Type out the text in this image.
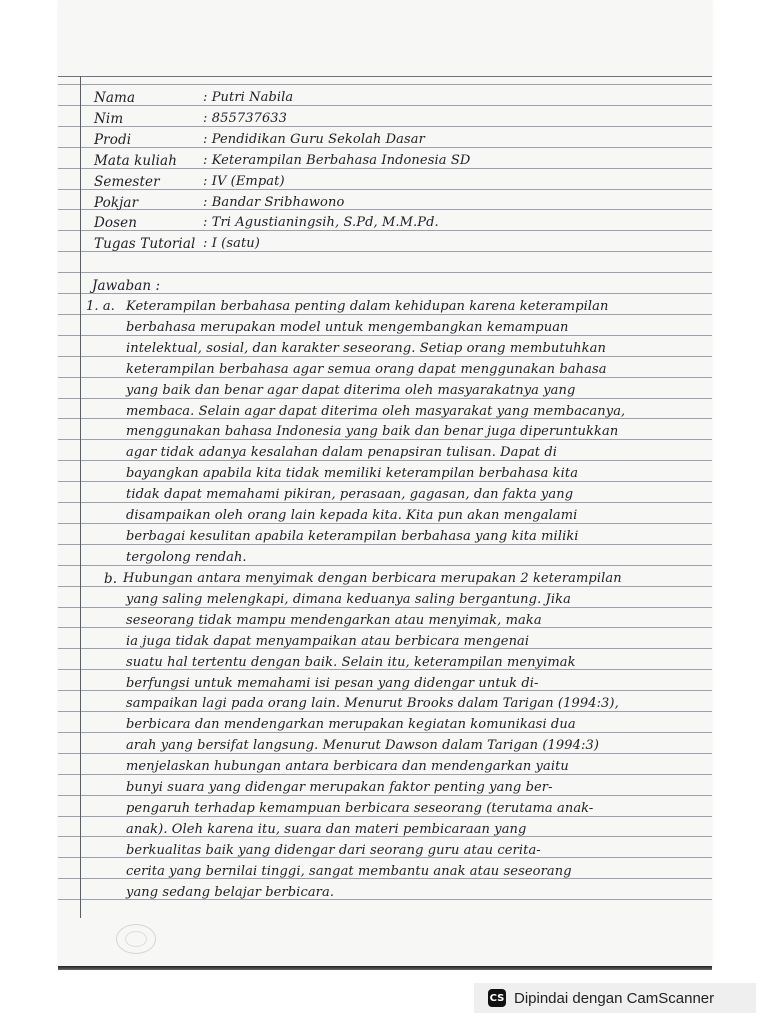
Nama	: Putri Nabila
Nim	: 855737633
Prodi	: Pendidikan Guru Sekolah Dasar
Mata kuliah : Keterampilan Berbahasa Indonesia SD
Semester	: IV (Empat)
Pokjar	: Bandar Sribhawono
Dosen	: Tri Agustianingsih, S.Pd, M.M.Pd.
Tugas Tutorial : I (satu)
Jawaban :
1. a. Keterampilan berbahasa penting dalam kehidupan karena keterampilan
berbahasa merupakan model untuk mengembangkan kemampuan
intelektual, sosial, dan karakter seseorang. Setiap orang membutuhkan
keterampilan berbahasa agar semua orang dapat menggunakan bahasa
yang baik dan benar agar dapat diterima oleh masyarakatnya yang
membaca. Selain agar dapat diterima oleh masyarakat yang membacanya,
menggunakan bahasa Indonesia yang baik dan benar juga diperuntukkan
agar tidak adanya kesalahan dalam penapsiran tulisan. Dapat di
bayangkan apabila kita tidak memiliki keterampilan berbahasa kita
tidak dapat memahami pikiran, perasaan, gagasan, dan fakta yang
disampaikan oleh orang lain kepada kita. Kita pun akan mengalami
berbagai kesulitan apabila keterampilan berbahasa yang kita miliki
tergolong rendah.
b. Hubungan antara menyimak dengan berbicara merupakan 2 keterampilan
yang saling melengkapi, dimana keduanya saling bergantung. Jika
seseorang tidak mampu mendengarkan atau menyimak, maka
ia juga tidak dapat menyampaikan atau berbicara mengenai
suatu hal tertentu dengan baik. Selain itu, keterampilan menyimak
berfungsi untuk memahami isi pesan yang didengar untuk di-
sampaikan lagi pada orang lain. Menurut Brooks dalam Tarigan (1994:3),
berbicara dan mendengarkan merupakan kegiatan komunikasi dua
arah yang bersifat langsung. Menurut Dawson dalam Tarigan (1994:3)
menjelaskan hubungan antara berbicara dan mendengarkan yaitu
bunyi suara yang didengar merupakan faktor penting yang ber-
pengaruh terhadap kemampuan berbicara seseorang (terutama anak-
anak). Oleh karena itu, suara dan materi pembicaraan yang
berkualitas baik yang didengar dari seorang guru atau cerita-
cerita yang bernilai tinggi, sangat membantu anak atau seseorang
yang sedang belajar berbicara.
CS Dipindai dengan CamScanner
